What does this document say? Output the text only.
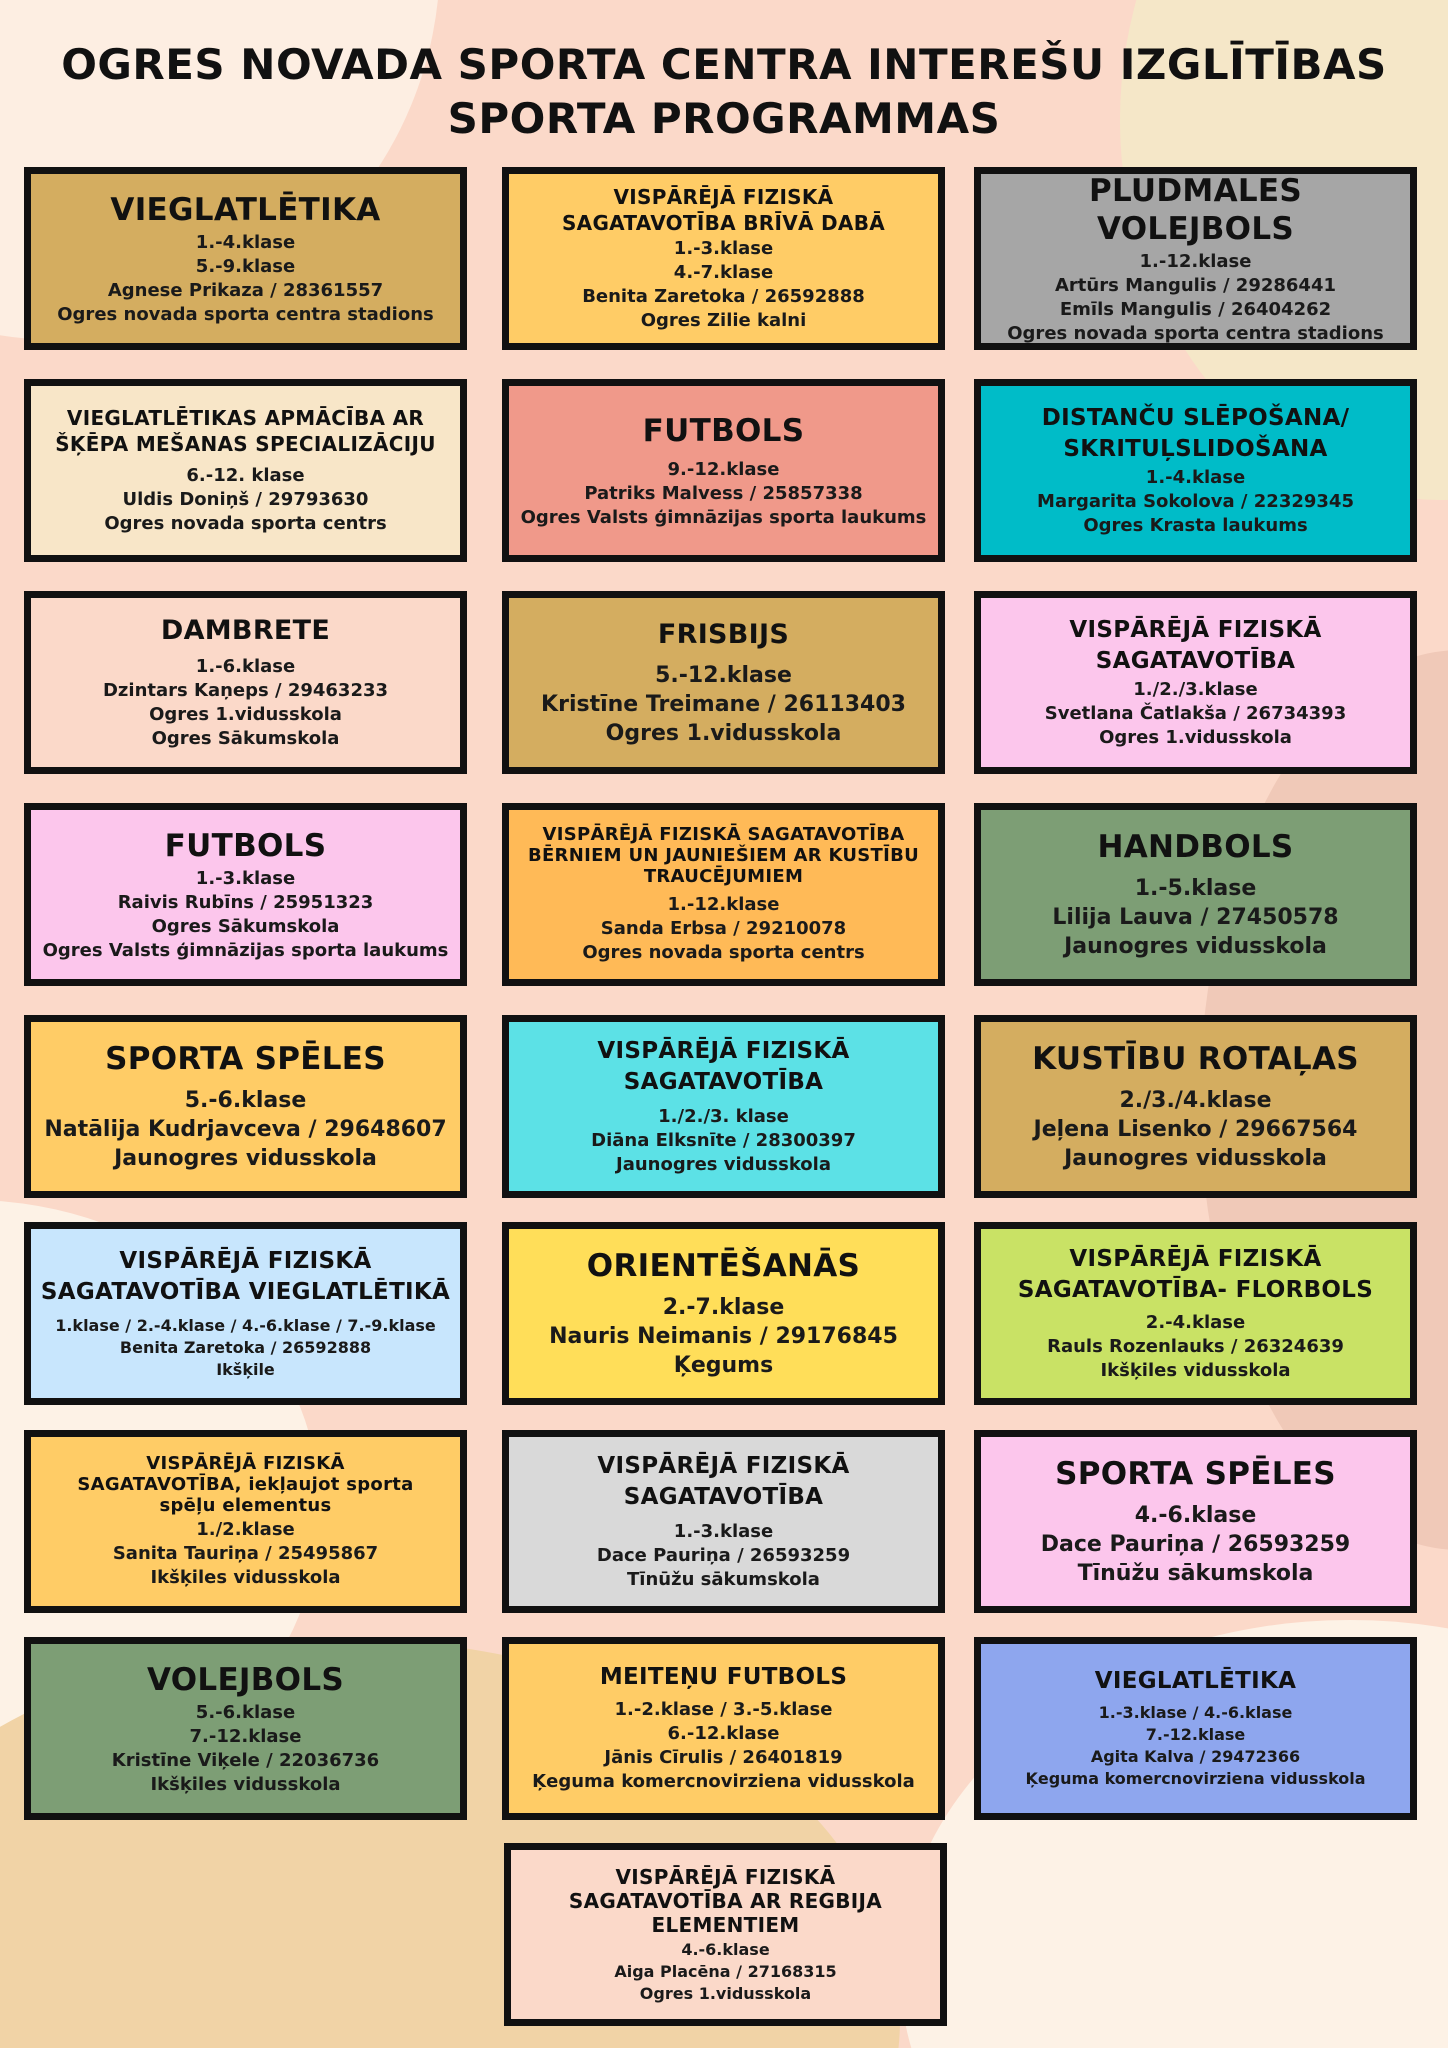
OGRES NOVADA SPORTA CENTRA INTEREŠU IZGLĪTĪBAS
SPORTA PROGRAMMAS
VIEGLATLĒTIKA
1.-4.klase
5.-9.klase
Agnese Prikaza / 28361557
Ogres novada sporta centra stadions
VISPĀRĒJĀ FIZISKĀ
SAGATAVOTĪBA BRĪVĀ DABĀ
1.-3.klase
4.-7.klase
Benita Zaretoka / 26592888
Ogres Zilie kalni
PLUDMALES VOLEJBOLS
1.-12.klase
Artūrs Mangulis / 29286441
Emīls Mangulis / 26404262
Ogres novada sporta centra stadions
VIEGLATLĒTIKAS APMĀCĪBA AR
ŠĶĒPA MEŠANAS SPECIALIZĀCIJU
6.-12. klase
Uldis Doniņš / 29793630
Ogres novada sporta centrs
FUTBOLS
9.-12.klase
Patriks Malvess / 25857338
Ogres Valsts ģimnāzijas sporta laukums
DISTANČU SLĒPOŠANA/
SKRITUĻSLIDOŠANA
1.-4.klase
Margarita Sokolova / 22329345
Ogres Krasta laukums
DAMBRETE
1.-6.klase
Dzintars Kaņeps / 29463233
Ogres 1.vidusskola
Ogres Sākumskola
FRISBIJS
5.-12.klase
Kristīne Treimane / 26113403
Ogres 1.vidusskola
VISPĀRĒJĀ FIZISKĀ
SAGATAVOTĪBA
1./2./3.klase
Svetlana Čatlakša / 26734393
Ogres 1.vidusskola
FUTBOLS
1.-3.klase
Raivis Rubīns / 25951323
Ogres Sākumskola
Ogres Valsts ģimnāzijas sporta laukums
VISPĀRĒJĀ FIZISKĀ SAGATAVOTĪBA
BĒRNIEM UN JAUNIEŠIEM AR KUSTĪBU
TRAUCĒJUMIEM
1.-12.klase
Sanda Erbsa / 29210078
Ogres novada sporta centrs
HANDBOLS
1.-5.klase
Lilija Lauva / 27450578
Jaunogres vidusskola
SPORTA SPĒLES
5.-6.klase
Natālija Kudrjavceva / 29648607
Jaunogres vidusskola
VISPĀRĒJĀ FIZISKĀ
SAGATAVOTĪBA
1./2./3. klase
Diāna Elksnīte / 28300397
Jaunogres vidusskola
KUSTĪBU ROTAĻAS
2./3./4.klase
Jeļena Lisenko / 29667564
Jaunogres vidusskola
VISPĀRĒJĀ FIZISKĀ
SAGATAVOTĪBA VIEGLATLĒTIKĀ
1.klase / 2.-4.klase / 4.-6.klase / 7.-9.klase
Benita Zaretoka / 26592888
Ikšķile
ORIENTĒŠANĀS
2.-7.klase
Nauris Neimanis / 29176845
Ķegums
VISPĀRĒJĀ FIZISKĀ
SAGATAVOTĪBA- FLORBOLS
2.-4.klase
Rauls Rozenlauks / 26324639
Ikšķiles vidusskola
VISPĀRĒJĀ FIZISKĀ
SAGATAVOTĪBA, iekļaujot sporta
spēļu elementus
1./2.klase
Sanita Tauriņa / 25495867
Ikšķiles vidusskola
VISPĀRĒJĀ FIZISKĀ
SAGATAVOTĪBA
1.-3.klase
Dace Pauriņa / 26593259
Tīnūžu sākumskola
SPORTA SPĒLES
4.-6.klase
Dace Pauriņa / 26593259
Tīnūžu sākumskola
VOLEJBOLS
5.-6.klase
7.-12.klase
Kristīne Viķele / 22036736
Ikšķiles vidusskola
MEITEŅU FUTBOLS
1.-2.klase / 3.-5.klase
6.-12.klase
Jānis Cīrulis / 26401819
Ķeguma komercnovirziena vidusskola
VIEGLATLĒTIKA
1.-3.klase / 4.-6.klase
7.-12.klase
Agita Kalva / 29472366
Ķeguma komercnovirziena vidusskola
VISPĀRĒJĀ FIZISKĀ
SAGATAVOTĪBA AR REGBIJA
ELEMENTIEM
4.-6.klase
Aiga Placēna / 27168315
Ogres 1.vidusskola
